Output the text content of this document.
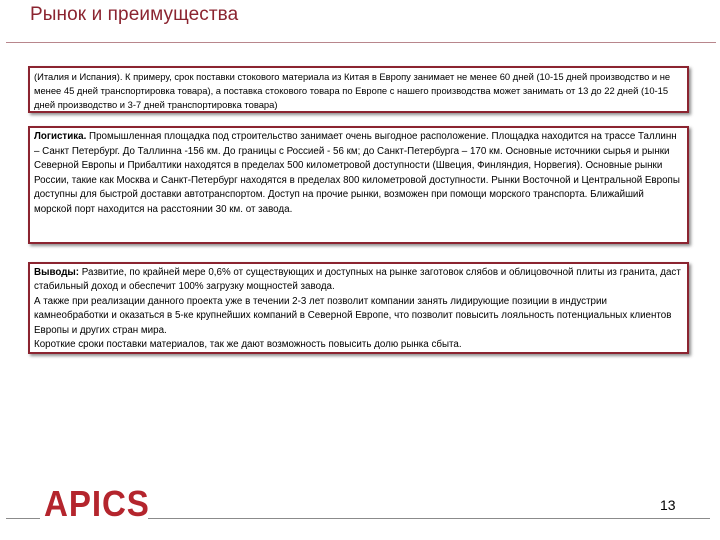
Рынок и преимущества

(Италия и Испания). К примеру, срок поставки стокового материала из Китая в Европу занимает не менее 60 дней (10-15 дней производство и не менее 45 дней транспортировка товара), а поставка стокового товара по Европе с нашего производства может занимать от 13 до 22 дней (10-15 дней производство и 3-7 дней транспортировка товара)

Логистика. Промышленная площадка под строительство занимает очень выгодное расположение. Площадка находится на трассе Таллинн – Санкт Петербург. До Таллинна -156 км. До границы с Россией - 56 км; до Санкт-Петербурга – 170 км. Основные источники сырья и рынки Северной Европы и Прибалтики находятся в пределах 500 километровой доступности (Швеция, Финляндия, Норвегия). Основные рынки России, такие как Москва и Санкт-Петербург находятся в пределах 800 километровой доступности. Рынки Восточной и Центральной Европы доступны для быстрой доставки автотранспортом. Доступ на прочие рынки, возможен при помощи морского транспорта. Ближайший морской порт находится на расстоянии 30 км. от завода.

Выводы: Развитие, по крайней мере 0,6% от существующих и доступных на рынке заготовок слябов и облицовочной плиты из гранита, даст стабильный доход и обеспечит 100% загрузку мощностей завода.

А также при реализации данного проекта уже в течении 2-3 лет позволит компании занять лидирующие позиции в индустрии камнеобработки и оказаться в 5-ке крупнейших компаний в Северной Европе, что позволит повысить лояльность потенциальных клиентов Европы и других стран мира.

Короткие сроки поставки материалов, так же дают возможность повысить долю рынка сбыта.

APICS	13
